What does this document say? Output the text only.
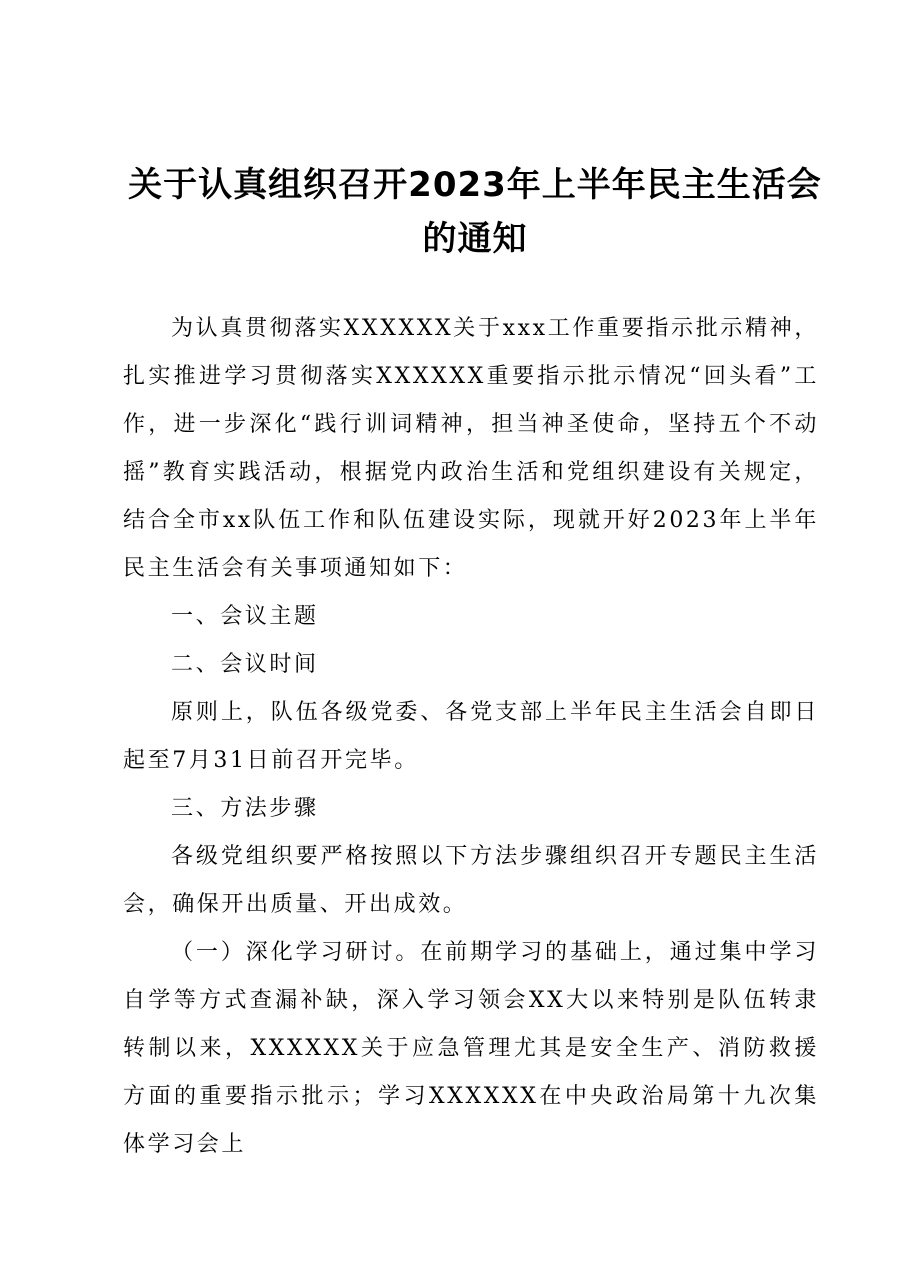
关于认真组织召开2023年上半年民主生活会的通知

为认真贯彻落实XXXXXX关于xxx工作重要指示批示精神，扎实推进学习贯彻落实XXXXXX重要指示批示情况“回头看”工作，进一步深化“践行训词精神，担当神圣使命，坚持五个不动摇”教育实践活动，根据党内政治生活和党组织建设有关规定，结合全市xx队伍工作和队伍建设实际，现就开好2023年上半年民主生活会有关事项通知如下：

一、会议主题

二、会议时间

原则上，队伍各级党委、各党支部上半年民主生活会自即日起至7月31日前召开完毕。

三、方法步骤

各级党组织要严格按照以下方法步骤组织召开专题民主生活会，确保开出质量、开出成效。

（一）深化学习研讨。在前期学习的基础上，通过集中学习自学等方式查漏补缺，深入学习领会XX大以来特别是队伍转隶转制以来，XXXXXX关于应急管理尤其是安全生产、消防救援方面的重要指示批示；学习XXXXXX在中央政治局第十九次集体学习会上
